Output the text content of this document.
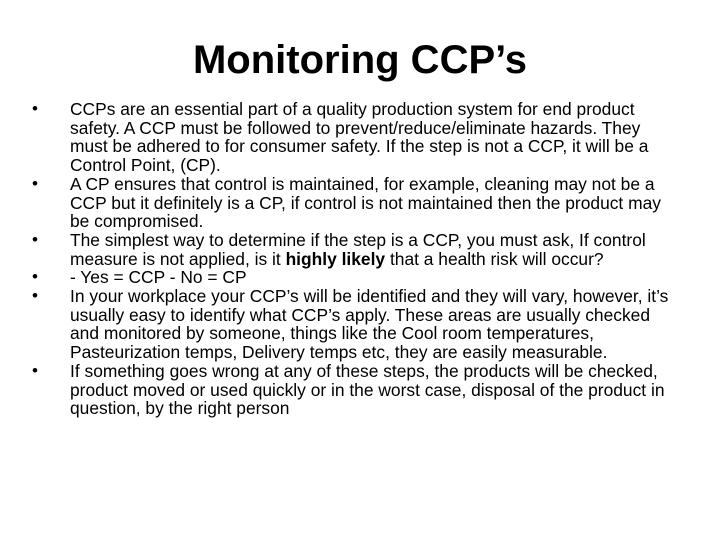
Monitoring CCP’s
• CCPs are an essential part of a quality production system for end product safety. A CCP must be followed to prevent/reduce/eliminate hazards. They must be adhered to for consumer safety. If the step is not a CCP, it will be a Control Point, (CP).
• A CP ensures that control is maintained, for example, cleaning may not be a CCP but it definitely is a CP, if control is not maintained then the product may be compromised.
• The simplest way to determine if the step is a CCP, you must ask, If control measure is not applied, is it highly likely that a health risk will occur?
• - Yes = CCP - No = CP
• In your workplace your CCP’s will be identified and they will vary, however, it’s usually easy to identify what CCP’s apply. These areas are usually checked and monitored by someone, things like the Cool room temperatures, Pasteurization temps, Delivery temps etc, they are easily measurable.
• If something goes wrong at any of these steps, the products will be checked, product moved or used quickly or in the worst case, disposal of the product in question, by the right person
